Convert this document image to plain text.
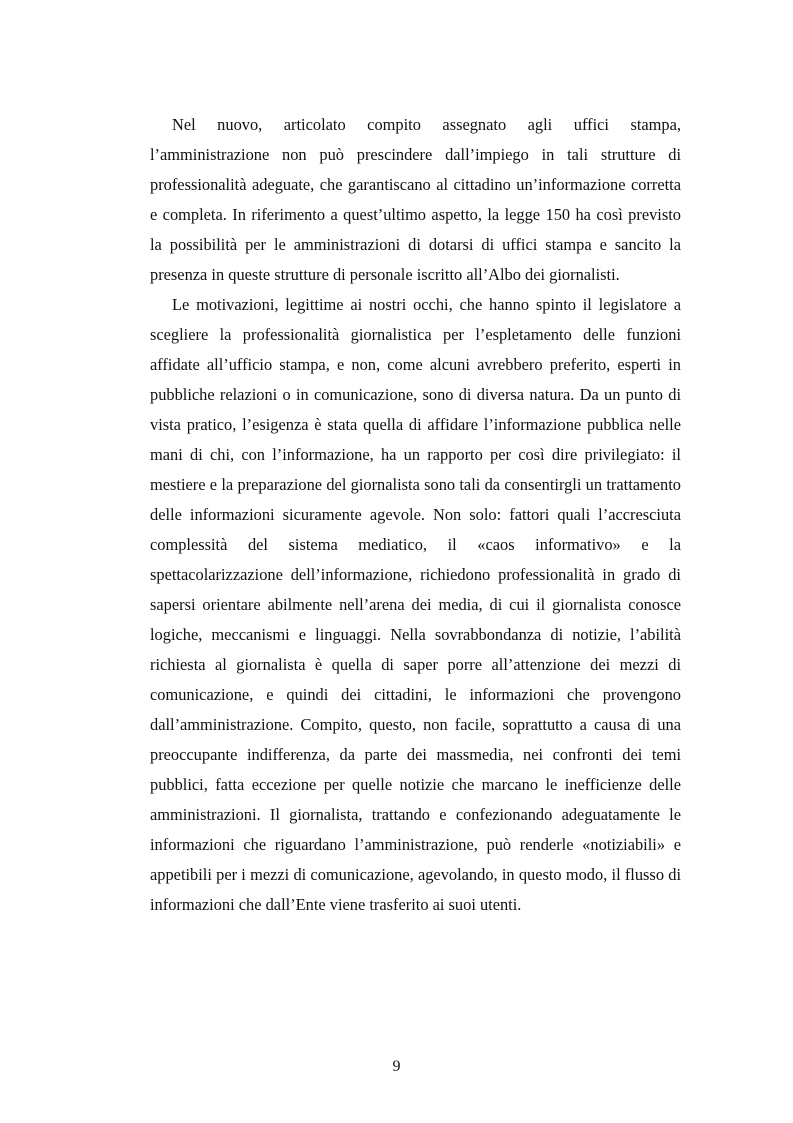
Nel nuovo, articolato compito assegnato agli uffici stampa, l’amministrazione non può prescindere dall’impiego in tali strutture di professionalità adeguate, che garantiscano al cittadino un’informazione corretta e completa. In riferimento a quest’ultimo aspetto, la legge 150 ha così previsto la possibilità per le amministrazioni di dotarsi di uffici stampa e sancito la presenza in queste strutture di personale iscritto all’Albo dei giornalisti.

Le motivazioni, legittime ai nostri occhi, che hanno spinto il legislatore a scegliere la professionalità giornalistica per l’espletamento delle funzioni affidate all’ufficio stampa, e non, come alcuni avrebbero preferito, esperti in pubbliche relazioni o in comunicazione, sono di diversa natura. Da un punto di vista pratico, l’esigenza è stata quella di affidare l’informazione pubblica nelle mani di chi, con l’informazione, ha un rapporto per così dire privilegiato: il mestiere e la preparazione del giornalista sono tali da consentirgli un trattamento delle informazioni sicuramente agevole. Non solo: fattori quali l’accresciuta complessità del sistema mediatico, il «caos informativo» e la spettacolarizzazione dell’informazione, richiedono professionalità in grado di sapersi orientare abilmente nell’arena dei media, di cui il giornalista conosce logiche, meccanismi e linguaggi. Nella sovrabbondanza di notizie, l’abilità richiesta al giornalista è quella di saper porre all’attenzione dei mezzi di comunicazione, e quindi dei cittadini, le informazioni che provengono dall’amministrazione. Compito, questo, non facile, soprattutto a causa di una preoccupante indifferenza, da parte dei massmedia, nei confronti dei temi pubblici, fatta eccezione per quelle notizie che marcano le inefficienze delle amministrazioni. Il giornalista, trattando e confezionando adeguatamente le informazioni che riguardano l’amministrazione, può renderle «notiziabili» e appetibili per i mezzi di comunicazione, agevolando, in questo modo, il flusso di informazioni che dall’Ente viene trasferito ai suoi utenti.

9
